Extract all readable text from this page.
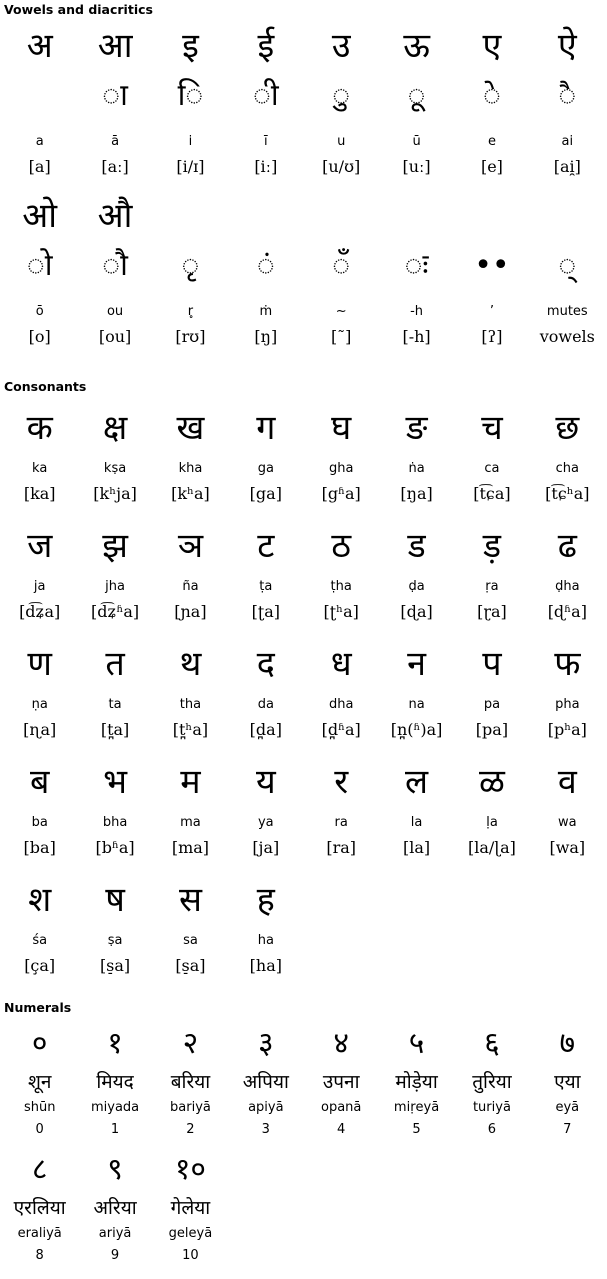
Vowels and diacritics
अ
a
[a]
आ
◌ा
ā
[aː]
इ
◌ि
i
[i/ɪ]
ई
◌ी
ī
[iː]
उ
◌ु
u
[u/ʊ]
ऊ
◌ू
ū
[uː]
ए
◌े
e
[e]
ऐ
◌ै
ai
[ai̯]
ओ
◌ो
ō
[o]
औ
◌ौ
ou
[ou]
◌ृ
r̥
[rʊ]
◌ं
ṁ
[ŋ]
◌ँ
~
[˜]
◌ः
-h
[-h]
••
’
[ʔ]
◌्
mutes
vowels
Consonants
क
ka
[ka]
क्ष
kṣa
[kʰja]
ख
kha
[kʰa]
ग
ga
[ga]
घ
gha
[gʱa]
ङ
ṅa
[ŋa]
च
ca
[t͡ɕa]
छ
cha
[t͡ɕʰa]
ज
ja
[d͡ʑa]
झ
jha
[d͡ʑʱa]
ञ
ña
[ɲa]
ट
ṭa
[ʈa]
ठ
ṭha
[ʈʰa]
ड
ḍa
[ɖa]
ड़
ṛa
[ɽa]
ढ
ḍha
[ɖʱa]
ण
ṇa
[ɳa]
त
ta
[t̪a]
थ
tha
[t̪ʰa]
द
da
[d̪a]
ध
dha
[d̪ʱa]
न
na
[n̪(ʱ)a]
प
pa
[pa]
फ
pha
[pʰa]
ब
ba
[ba]
भ
bha
[bʱa]
म
ma
[ma]
य
ya
[ja]
र
ra
[ra]
ल
la
[la]
ळ
ḷa
[la/ɭa]
व
wa
[wa]
श
śa
[ça]
ष
ṣa
[s̠a]
स
sa
[s̠a]
ह
ha
[ha]
Numerals
०
शून
shūn
0
१
मियद
miyada
1
२
बरिया
bariyā
2
३
अपिया
apiyā
3
४
उपना
opanā
4
५
मोड़ेया
miṛeyā
5
६
तुरिया
turiyā
6
७
एया
eyā
7
८
एरलिया
eraliyā
8
९
अरिया
ariyā
9
१०
गेलेया
geleyā
10
